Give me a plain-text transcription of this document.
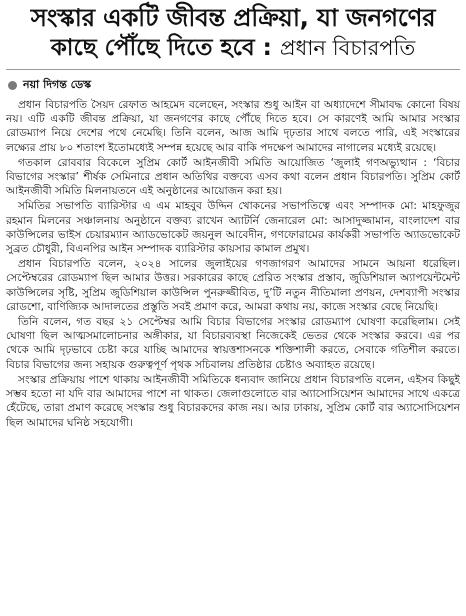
সংস্কার একটি জীবন্ত প্রক্রিয়া, যা জনগণের
কাছে পৌঁছে দিতে হবে : প্রধান বিচারপতি
নয়া দিগন্ত ডেস্ক

প্রধান বিচারপতি সৈয়দ রেফাত আহমেদ বলেছেন, সংস্কার শুধু আইন বা অধ্যাদেশে সীমাবদ্ধ কোনো বিষয় নয়। এটি একটি জীবন্ত প্রক্রিয়া, যা জনগণের কাছে পৌঁছে দিতে হবে। সে কারণেই আমি আমার সংস্কার রোডম্যাপ নিয়ে দেশের পথে নেমেছি। তিনি বলেন, আজ আমি দৃঢ়তার সাথে বলতে পারি, এই সংস্কারের লক্ষ্যের প্রায় ৮০ শতাংশ ইতোমধ্যেই সম্পন্ন হয়েছে আর বাকি পদক্ষেপ আমাদের নাগালের মধ্যেই রয়েছে।

গতকাল রোববার বিকেলে সুপ্রিম কোর্ট আইনজীবী সমিতি আয়োজিত ‘জুলাই গণঅভ্যুত্থান : ‘বিচার বিভাগের সংস্কার’ শীর্ষক সেমিনারে প্রধান অতিথির বক্তব্যে এসব কথা বলেন প্রধান বিচারপতি। সুপ্রিম কোর্ট আইনজীবী সমিতি মিলনায়তনে এই অনুষ্ঠানের আয়োজন করা হয়।

সমিতির সভাপতি ব্যারিস্টার এ এম মাহবুব উদ্দিন খোকনের সভাপতিত্বে এবং সম্পাদক মো: মাহফুজুর রহমান মিলনের সঞ্চালনায় অনুষ্ঠানে বক্তব্য রাখেন অ্যাটর্নি জেনারেল মো: আসাদুজ্জামান, বাংলাদেশ বার কাউন্সিলের ভাইস চেয়ারম্যান অ্যাডভোকেট জয়নুল আবেদীন, গণফোরামের কার্যকরী সভাপতি অ্যাডভোকেট সুব্রত চৌধুরী, বিএনপির আইন সম্পাদক ব্যারিস্টার কায়সার কামাল প্রমুখ।

প্রধান বিচারপতি বলেন, ২০২৪ সালের জুলাইয়ের গণজাগরণ আমাদের সামনে আয়না ধরেছিল। সেপ্টেম্বরের রোডম্যাপ ছিল আমার উত্তর। সরকারের কাছে প্রেরিত সংস্কার প্রস্তাব, জুডিশিয়াল অ্যাপয়েন্টমেন্ট কাউন্সিলের সৃষ্টি, সুপ্রিম জুডিশিয়াল কাউন্সিল পুনরুজ্জীবিত, দু’টি নতুন নীতিমালা প্রণয়ন, দেশব্যাপী সংস্কার রোডশো, বাণিজ্যিক আদালতের প্রস্তুতি সবই প্রমাণ করে, আমরা কথায় নয়, কাজে সংস্কার বেছে নিয়েছি।

তিনি বলেন, গত বছর ২১ সেপ্টেম্বর আমি বিচার বিভাগের সংস্কার রোডম্যাপ ঘোষণা করেছিলাম। সেই ঘোষণা ছিল আত্মসমালোচনার অঙ্গীকার, যা বিচারব্যবস্থা নিজেকেই ভেতর থেকে সংস্কার করবে। এর পর থেকে আমি দৃঢ়ভাবে চেষ্টা করে যাচ্ছি আমাদের স্বায়ত্তশাসনকে শক্তিশালী করতে, সেবাকে গতিশীল করতে। বিচার বিভাগের জন্য সহায়ক গুরুত্বপূর্ণ পৃথক সচিবালয় প্রতিষ্ঠার চেষ্টাও অব্যাহত রয়েছে।

সংস্কার প্রক্রিয়ায় পাশে থাকায় আইনজীবী সমিতিকে ধন্যবাদ জানিয়ে প্রধান বিচারপতি বলেন, এইসব কিছুই সম্ভব হতো না যদি বার আমাদের পাশে না থাকত। জেলাগুলোতে বার অ্যাসোসিয়েশন আমাদের সাথে একত্রে হেঁটেছে, তারা প্রমাণ করেছে সংস্কার শুধু বিচারকদের কাজ নয়। আর ঢাকায়, সুপ্রিম কোর্ট বার অ্যাসোসিয়েশন ছিল আমাদের ঘনিষ্ঠ সহযোগী।
